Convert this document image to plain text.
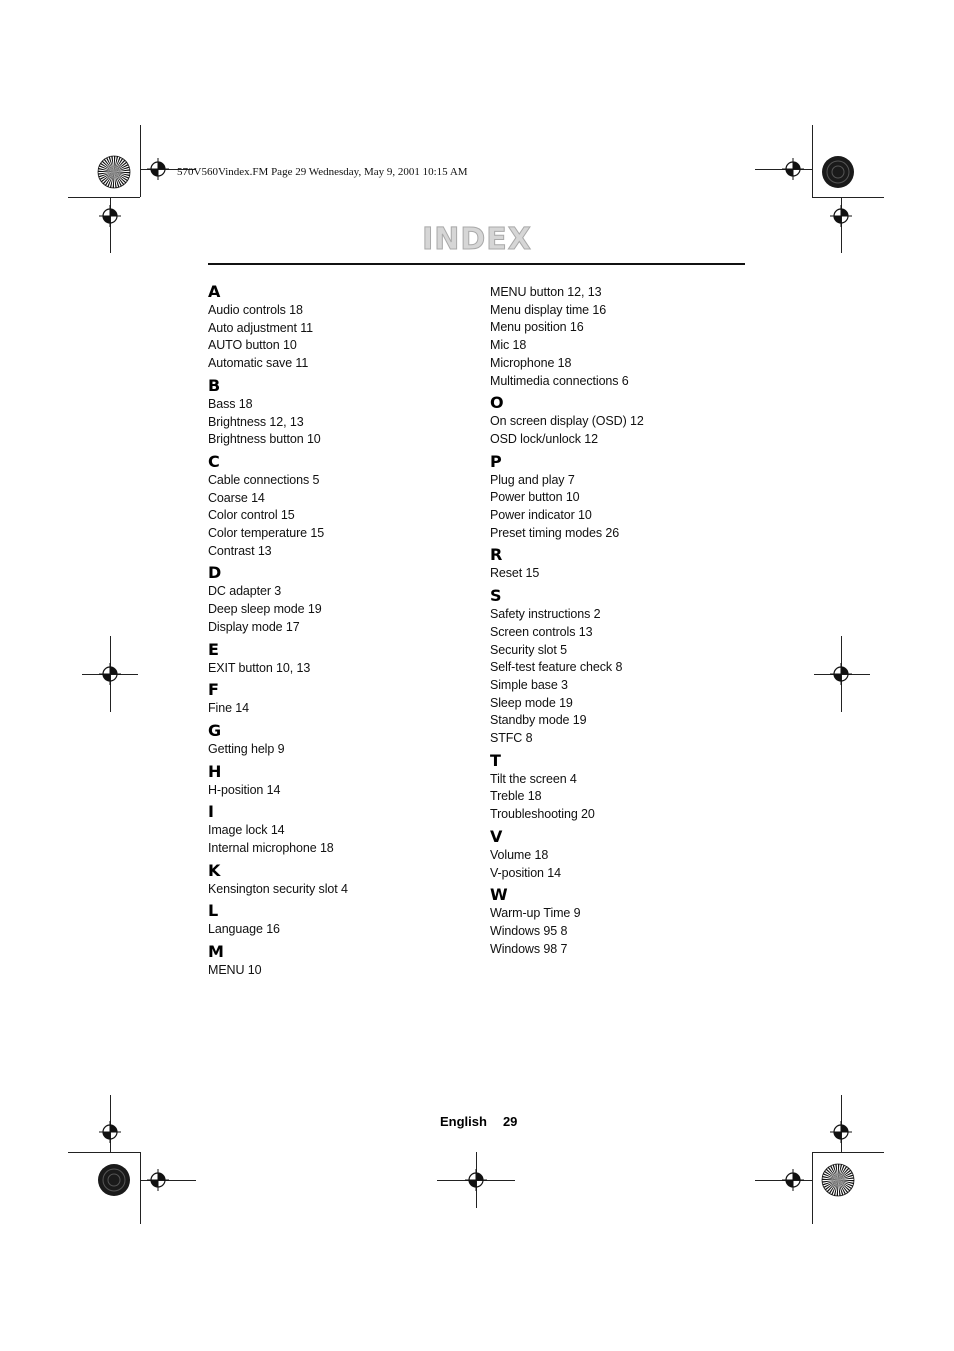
570V560Vindex.FM Page 29 Wednesday, May 9, 2001 10:15 AM
INDEX
A
Audio controls 18
Auto adjustment 11
AUTO button 10
Automatic save 11
B
Bass 18
Brightness 12, 13
Brightness button 10
C
Cable connections 5
Coarse 14
Color control 15
Color temperature 15
Contrast 13
D
DC adapter 3
Deep sleep mode 19
Display mode 17
E
EXIT button 10, 13
F
Fine 14
G
Getting help 9
H
H-position 14
I
Image lock 14
Internal microphone 18
K
Kensington security slot 4
L
Language 16
M
MENU 10
MENU button 12, 13
Menu display time 16
Menu position 16
Mic 18
Microphone 18
Multimedia connections 6
O
On screen display (OSD) 12
OSD lock/unlock 12
P
Plug and play 7
Power button 10
Power indicator 10
Preset timing modes 26
R
Reset 15
S
Safety instructions 2
Screen controls 13
Security slot 5
Self-test feature check 8
Simple base 3
Sleep mode 19
Standby mode 19
STFC 8
T
Tilt the screen 4
Treble 18
Troubleshooting 20
V
Volume 18
V-position 14
W
Warm-up Time 9
Windows 95 8
Windows 98 7
English 29
